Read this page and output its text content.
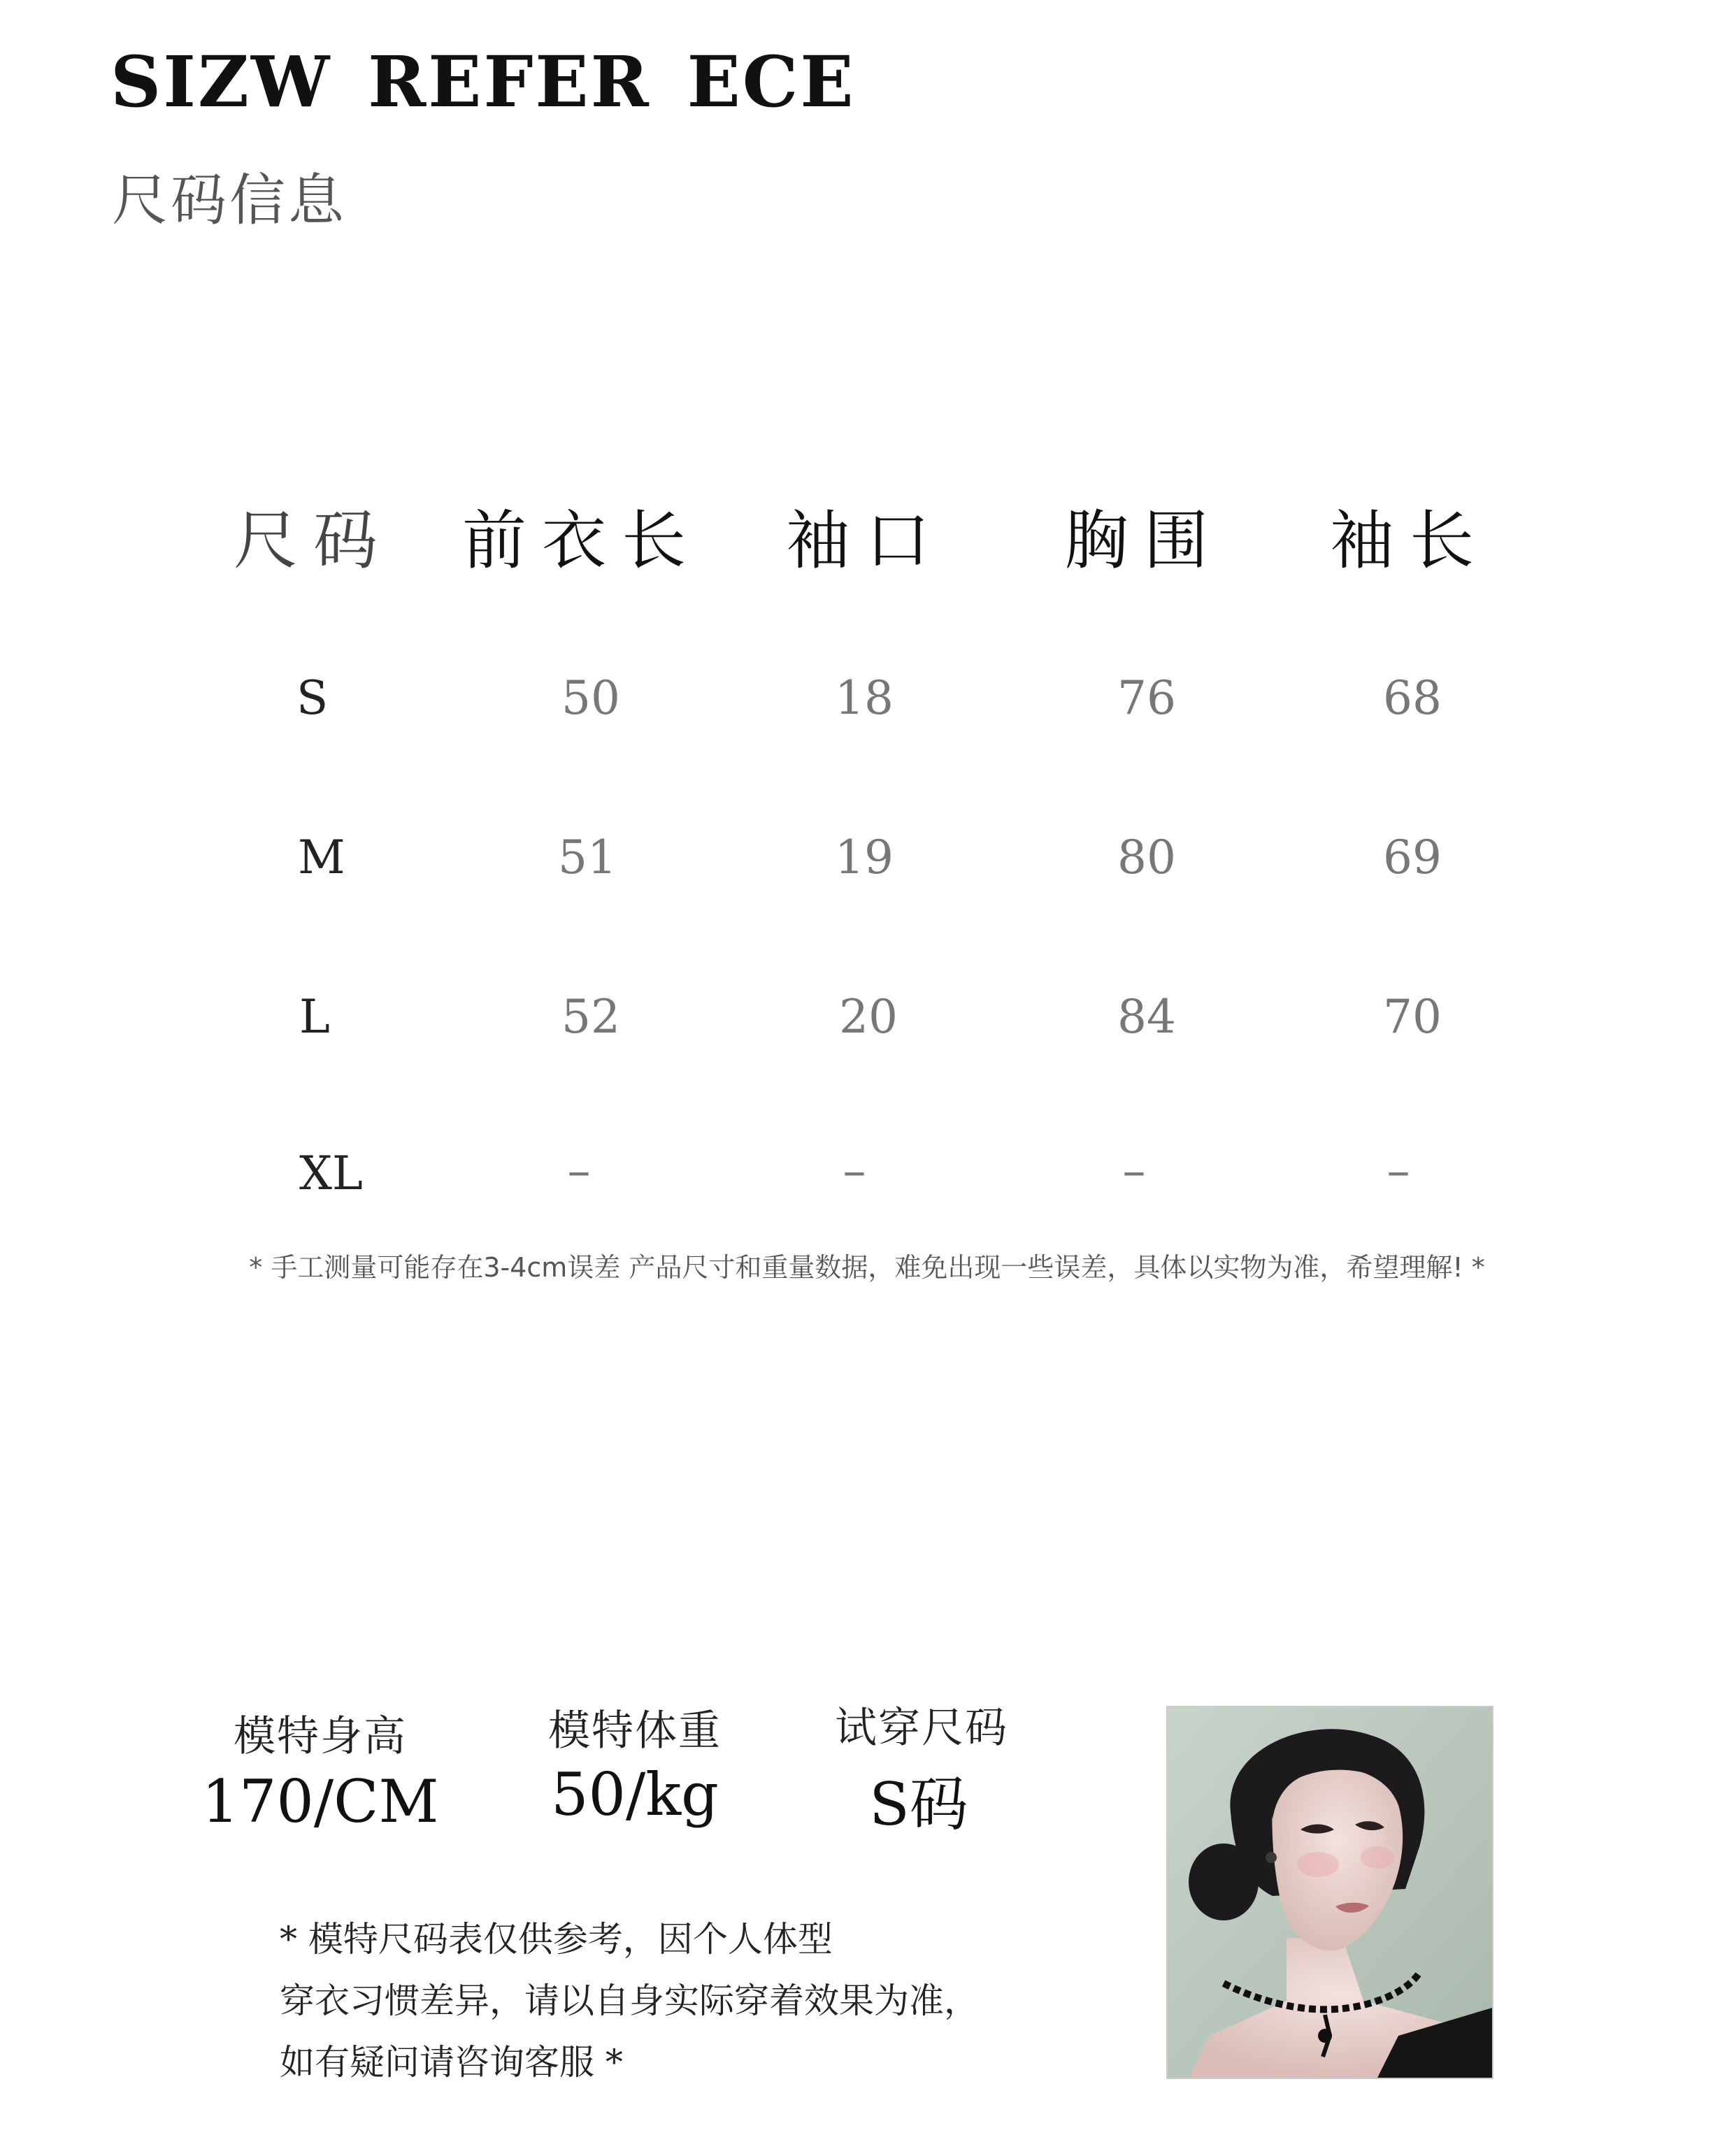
SIZW REFER ECE
尺码信息
尺码 前衣长 袖口 胸围 袖长
S	50	18	76	68
M	51	19	80	69
L	52	20	84	70
XL	–	–	–	–
* 手工测量可能存在3-4cm误差 产品尺寸和重量数据，难免出现一些误差，具体以实物为准，希望理解! *
模特身高
170/CM
模特体重
50/kg
试穿尺码
S码
* 模特尺码表仅供参考，因个人体型
穿衣习惯差异，请以自身实际穿着效果为准，
如有疑问请咨询客服 *
